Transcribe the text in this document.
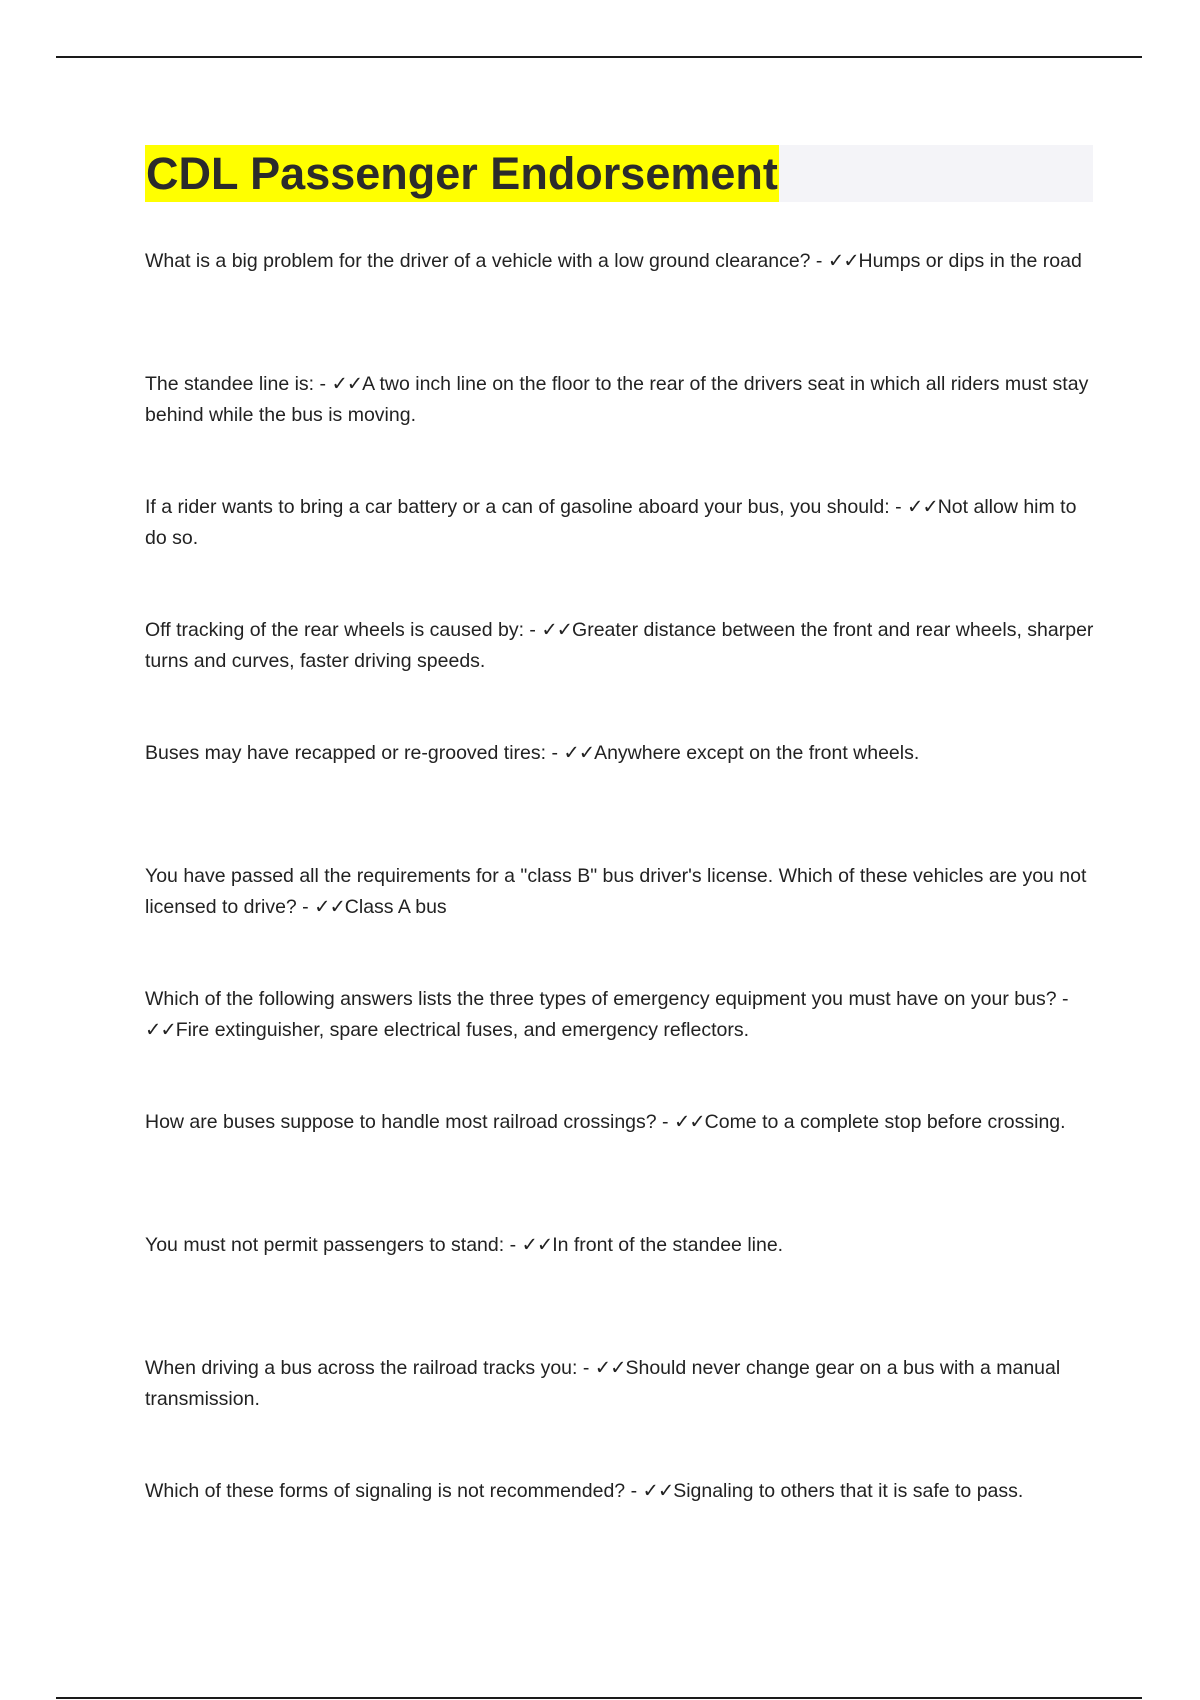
CDL Passenger Endorsement
What is a big problem for the driver of a vehicle with a low ground clearance? - ✓✓Humps or dips in the road
The standee line is: - ✓✓A two inch line on the floor to the rear of the drivers seat in which all riders must stay behind while the bus is moving.
If a rider wants to bring a car battery or a can of gasoline aboard your bus, you should: - ✓✓Not allow him to do so.
Off tracking of the rear wheels is caused by: - ✓✓Greater distance between the front and rear wheels, sharper turns and curves, faster driving speeds.
Buses may have recapped or re-grooved tires: - ✓✓Anywhere except on the front wheels.
You have passed all the requirements for a "class B" bus driver's license. Which of these vehicles are you not licensed to drive? - ✓✓Class A bus
Which of the following answers lists the three types of emergency equipment you must have on your bus? - ✓✓Fire extinguisher, spare electrical fuses, and emergency reflectors.
How are buses suppose to handle most railroad crossings? - ✓✓Come to a complete stop before crossing.
You must not permit passengers to stand: - ✓✓In front of the standee line.
When driving a bus across the railroad tracks you: - ✓✓Should never change gear on a bus with a manual transmission.
Which of these forms of signaling is not recommended? - ✓✓Signaling to others that it is safe to pass.
